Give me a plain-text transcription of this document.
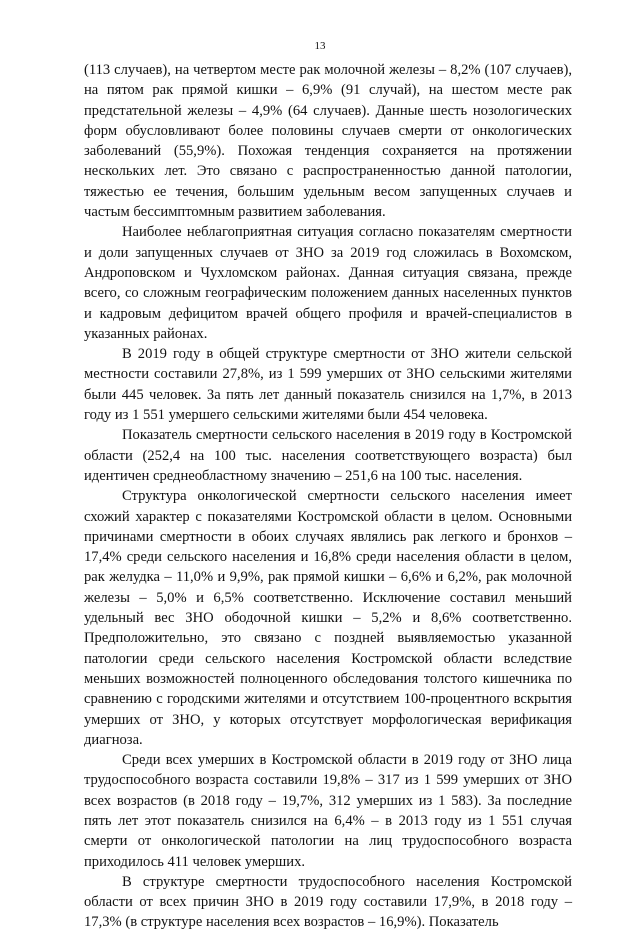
13

(113 случаев), на четвертом месте рак молочной железы – 8,2% (107 случаев), на пятом рак прямой кишки – 6,9% (91 случай), на шестом месте рак предстательной железы – 4,9% (64 случаев). Данные шесть нозологических форм обусловливают более половины случаев смерти от онкологических заболеваний (55,9%). Похожая тенденция сохраняется на протяжении нескольких лет. Это связано с распространенностью данной патологии, тяжестью ее течения, большим удельным весом запущенных случаев и частым бессимптомным развитием заболевания.

Наиболее неблагоприятная ситуация согласно показателям смертности и доли запущенных случаев от ЗНО за 2019 год сложилась в Вохомском, Андроповском и Чухломском районах. Данная ситуация связана, прежде всего, со сложным географическим положением данных населенных пунктов и кадровым дефицитом врачей общего профиля и врачей-специалистов в указанных районах.

В 2019 году в общей структуре смертности от ЗНО жители сельской местности составили 27,8%, из 1 599 умерших от ЗНО сельскими жителями были 445 человек. За пять лет данный показатель снизился на 1,7%, в 2013 году из 1 551 умершего сельскими жителями были 454 человека.

Показатель смертности сельского населения в 2019 году в Костромской области (252,4 на 100 тыс. населения соответствующего возраста) был идентичен среднеобластному значению – 251,6 на 100 тыс. населения.

Структура онкологической смертности сельского населения имеет схожий характер с показателями Костромской области в целом. Основными причинами смертности в обоих случаях являлись рак легкого и бронхов – 17,4% среди сельского населения и 16,8% среди населения области в целом, рак желудка – 11,0% и 9,9%, рак прямой кишки – 6,6% и 6,2%, рак молочной железы – 5,0% и 6,5% соответственно. Исключение составил меньший удельный вес ЗНО ободочной кишки – 5,2% и 8,6% соответственно. Предположительно, это связано с поздней выявляемостью указанной патологии среди сельского населения Костромской области вследствие меньших возможностей полноценного обследования толстого кишечника по сравнению с городскими жителями и отсутствием 100-процентного вскрытия умерших от ЗНО, у которых отсутствует морфологическая верификация диагноза.

Среди всех умерших в Костромской области в 2019 году от ЗНО лица трудоспособного возраста составили 19,8% – 317 из 1 599 умерших от ЗНО всех возрастов (в 2018 году – 19,7%, 312 умерших из 1 583). За последние пять лет этот показатель снизился на 6,4% – в 2013 году из 1 551 случая смерти от онкологической патологии на лиц трудоспособного возраста приходилось 411 человек умерших.

В структуре смертности трудоспособного населения Костромской области от всех причин ЗНО в 2019 году составили 17,9%, в 2018 году – 17,3% (в структуре населения всех возрастов – 16,9%). Показатель
